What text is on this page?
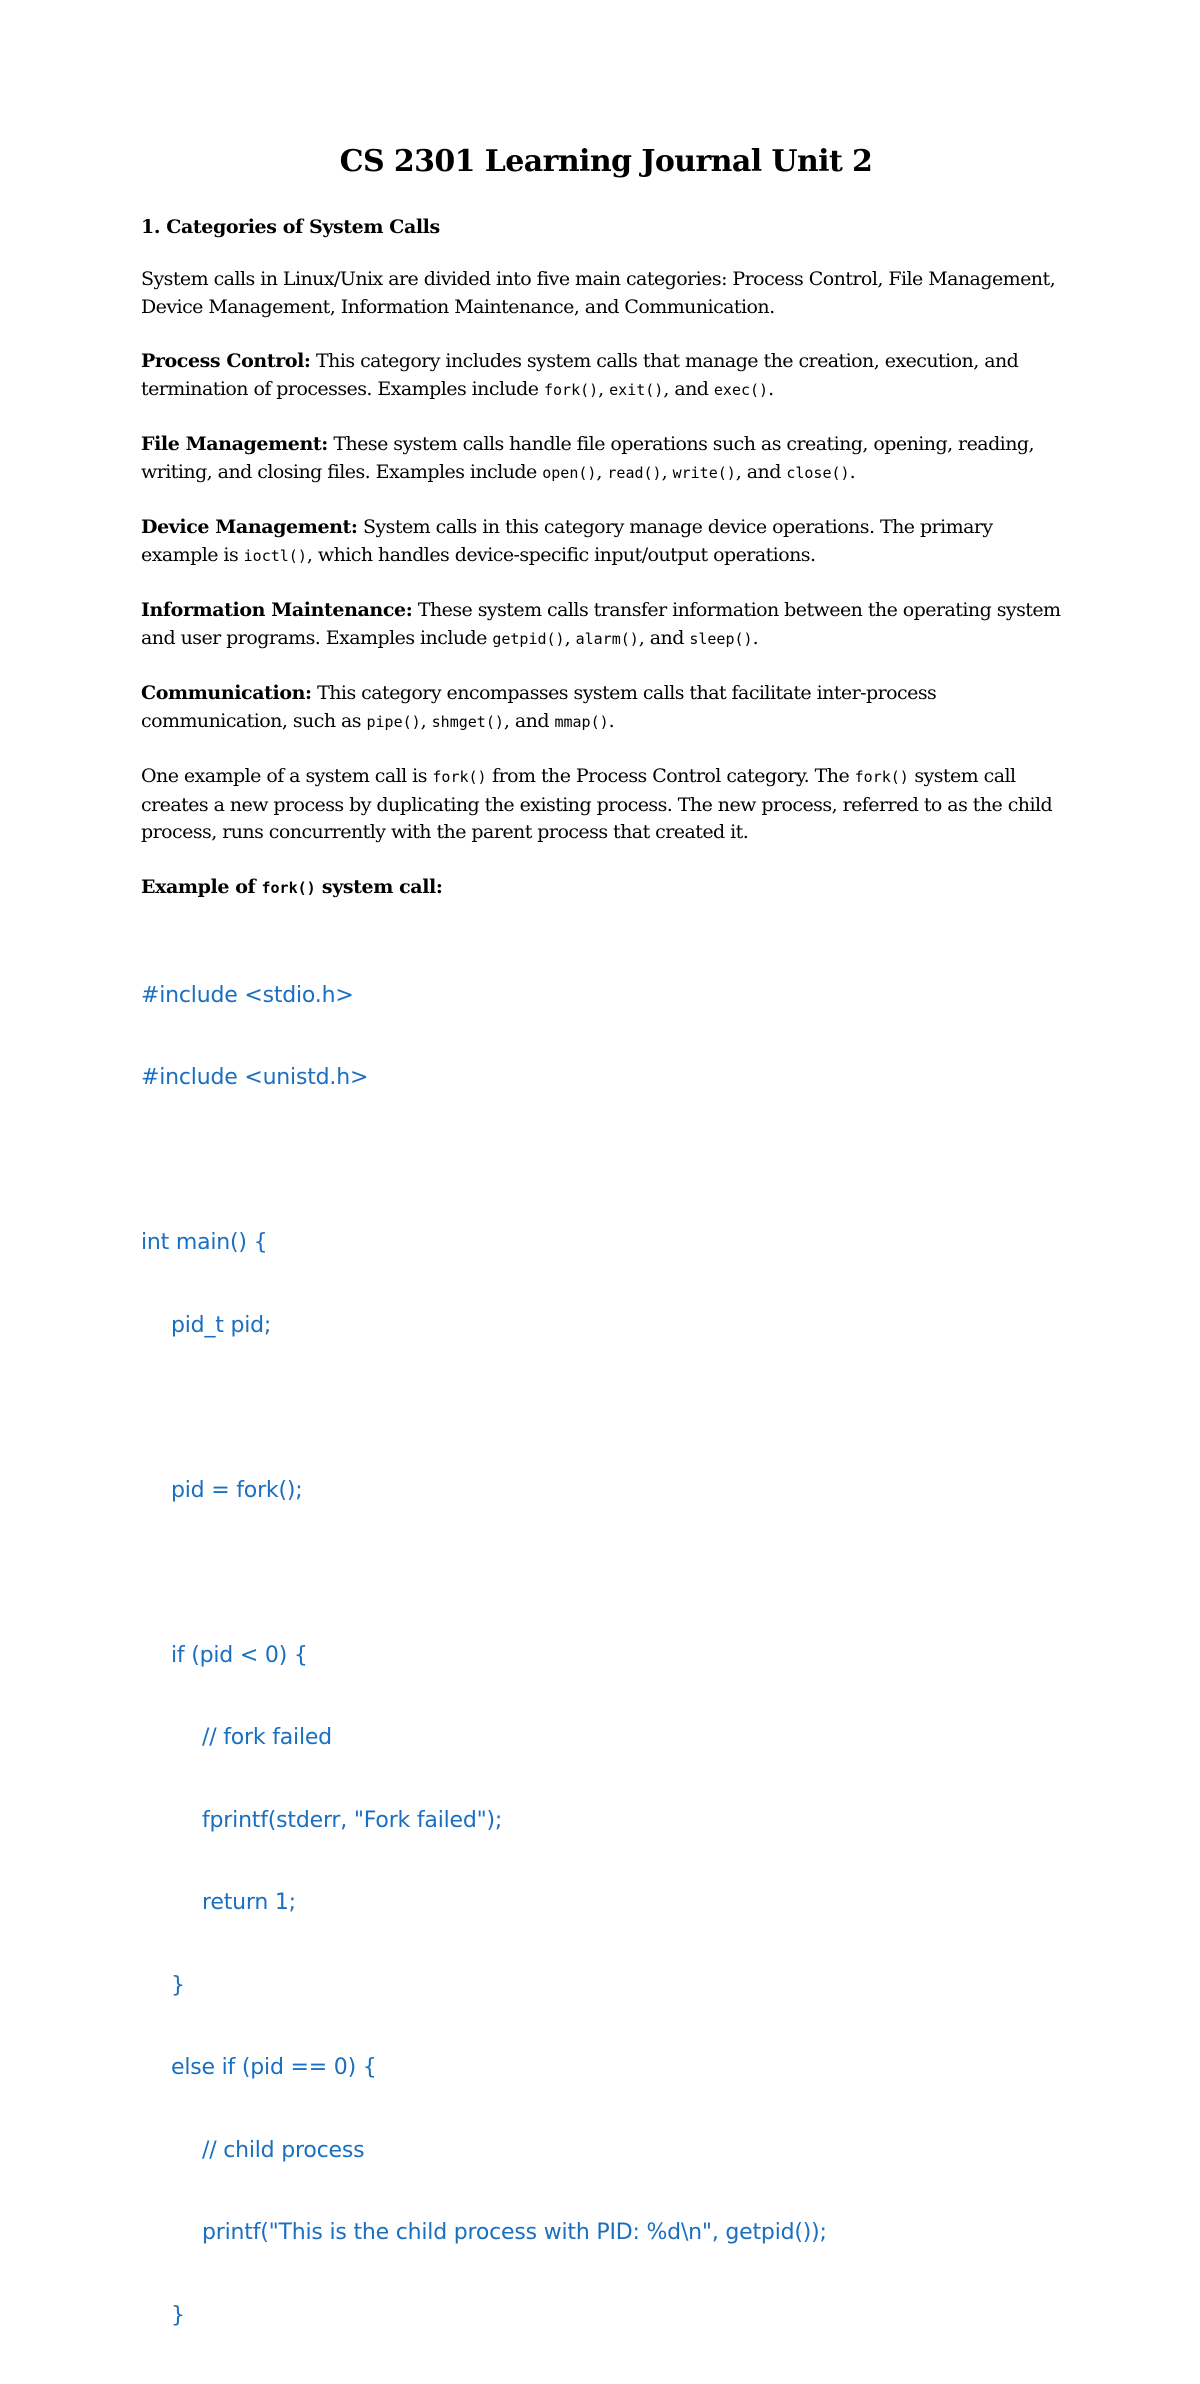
CS 2301 Learning Journal Unit 2
1. Categories of System Calls

System calls in Linux/Unix are divided into five main categories: Process Control, File Management, Device Management, Information Maintenance, and Communication.

Process Control: This category includes system calls that manage the creation, execution, and termination of processes. Examples include fork(), exit(), and exec().

File Management: These system calls handle file operations such as creating, opening, reading, writing, and closing files. Examples include open(), read(), write(), and close().

Device Management: System calls in this category manage device operations. The primary example is ioctl(), which handles device-specific input/output operations.

Information Maintenance: These system calls transfer information between the operating system and user programs. Examples include getpid(), alarm(), and sleep().

Communication: This category encompasses system calls that facilitate inter-process communication, such as pipe(), shmget(), and mmap().

One example of a system call is fork() from the Process Control category. The fork() system call creates a new process by duplicating the existing process. The new process, referred to as the child process, runs concurrently with the parent process that created it.

Example of fork() system call:

#include <stdio.h>

#include <unistd.h>

int main() {

pid_t pid;

pid = fork();

if (pid < 0) {

// fork failed

fprintf(stderr, "Fork failed");

return 1;

}

else if (pid == 0) {

// child process

printf("This is the child process with PID: %d\n", getpid());

}
